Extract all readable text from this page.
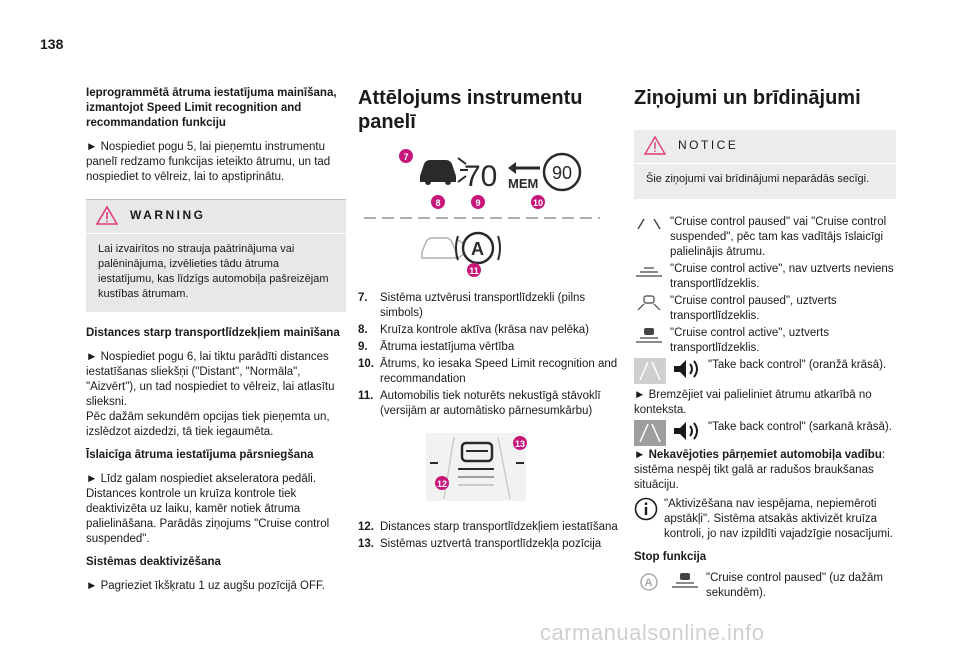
138
Ieprogrammētā ātruma iestatījuma mainīšana, izmantojot Speed Limit recognition and recommandation funkciju
► Nospiediet pogu 5, lai pieņemtu instrumentu panelī redzamo funkcijas ieteikto ātrumu, un tad nospiediet to vēlreiz, lai to apstiprinātu.
WARNING
Lai izvairītos no strauja paātrinājuma vai palēninājuma, izvēlieties tādu ātruma iestatījumu, kas līdzīgs automobiļa pašreizējam kustības ātrumam.
Distances starp transportlīdzekļiem mainīšana
► Nospiediet pogu 6, lai tiktu parādīti distances iestatīšanas sliekšņi ("Distant", "Normāla", "Aizvērt"), un tad nospiediet to vēlreiz, lai atlasītu slieksni.
Pēc dažām sekundēm opcijas tiek pieņemta un, izslēdzot aizdedzi, tā tiek iegaumēta.
Īslaicīga ātruma iestatījuma pārsniegšana
► Līdz galam nospiediet akseleratora pedāli. Distances kontrole un kruīza kontrole tiek deaktivizēta uz laiku, kamēr notiek ātruma palielināšana. Parādās ziņojums "Cruise control suspended".
Sistēmas deaktivizēšana
► Pagrieziet īkšķratu 1 uz augšu pozīcijā OFF.
Attēlojums instrumentu panelī
70 MEM
90
7
8	9	10
A
11
7.	Sistēma uztvērusi transportlīdzekli (pilns simbols)
8.	Kruīza kontrole aktīva (krāsa nav pelēka)
9.	Ātruma iestatījuma vērtība
10. Ātrums, ko iesaka Speed Limit recognition and recommandation
11. Automobilis tiek noturēts nekustīgā stāvoklī (versijām ar automātisko pārnesumkārbu)
12
13
12. Distances starp transportlīdzekļiem iestatīšana
13. Sistēmas uztvertā transportlīdzekļa pozīcija
Ziņojumi un brīdinājumi
NOTICE
Šie ziņojumi vai brīdinājumi neparādās secīgi.
"Cruise control paused" vai "Cruise control suspended", pēc tam kas vadītājs īslaicīgi palielinājis ātrumu.
"Cruise control active", nav uztverts neviens transportlīdzeklis.
"Cruise control paused", uztverts transportlīdzeklis.
"Cruise control active", uztverts transportlīdzeklis.
"Take back control" (oranžā krāsā).
► Bremzējiet vai palieliniet ātrumu atkarībā no konteksta.
"Take back control" (sarkanā krāsā).
► Nekavējoties pārņemiet automobiļa vadību: sistēma nespēj tikt galā ar radušos braukšanas situāciju.
"Aktivizēšana nav iespējama, nepiemēroti apstākļi". Sistēma atsakās aktivizēt kruīza kontroli, jo nav izpildīti vajadzīgie nosacījumi.
Stop funkcija
A	"Cruise control paused" (uz dažām sekundēm).
carmanualsonline.info
